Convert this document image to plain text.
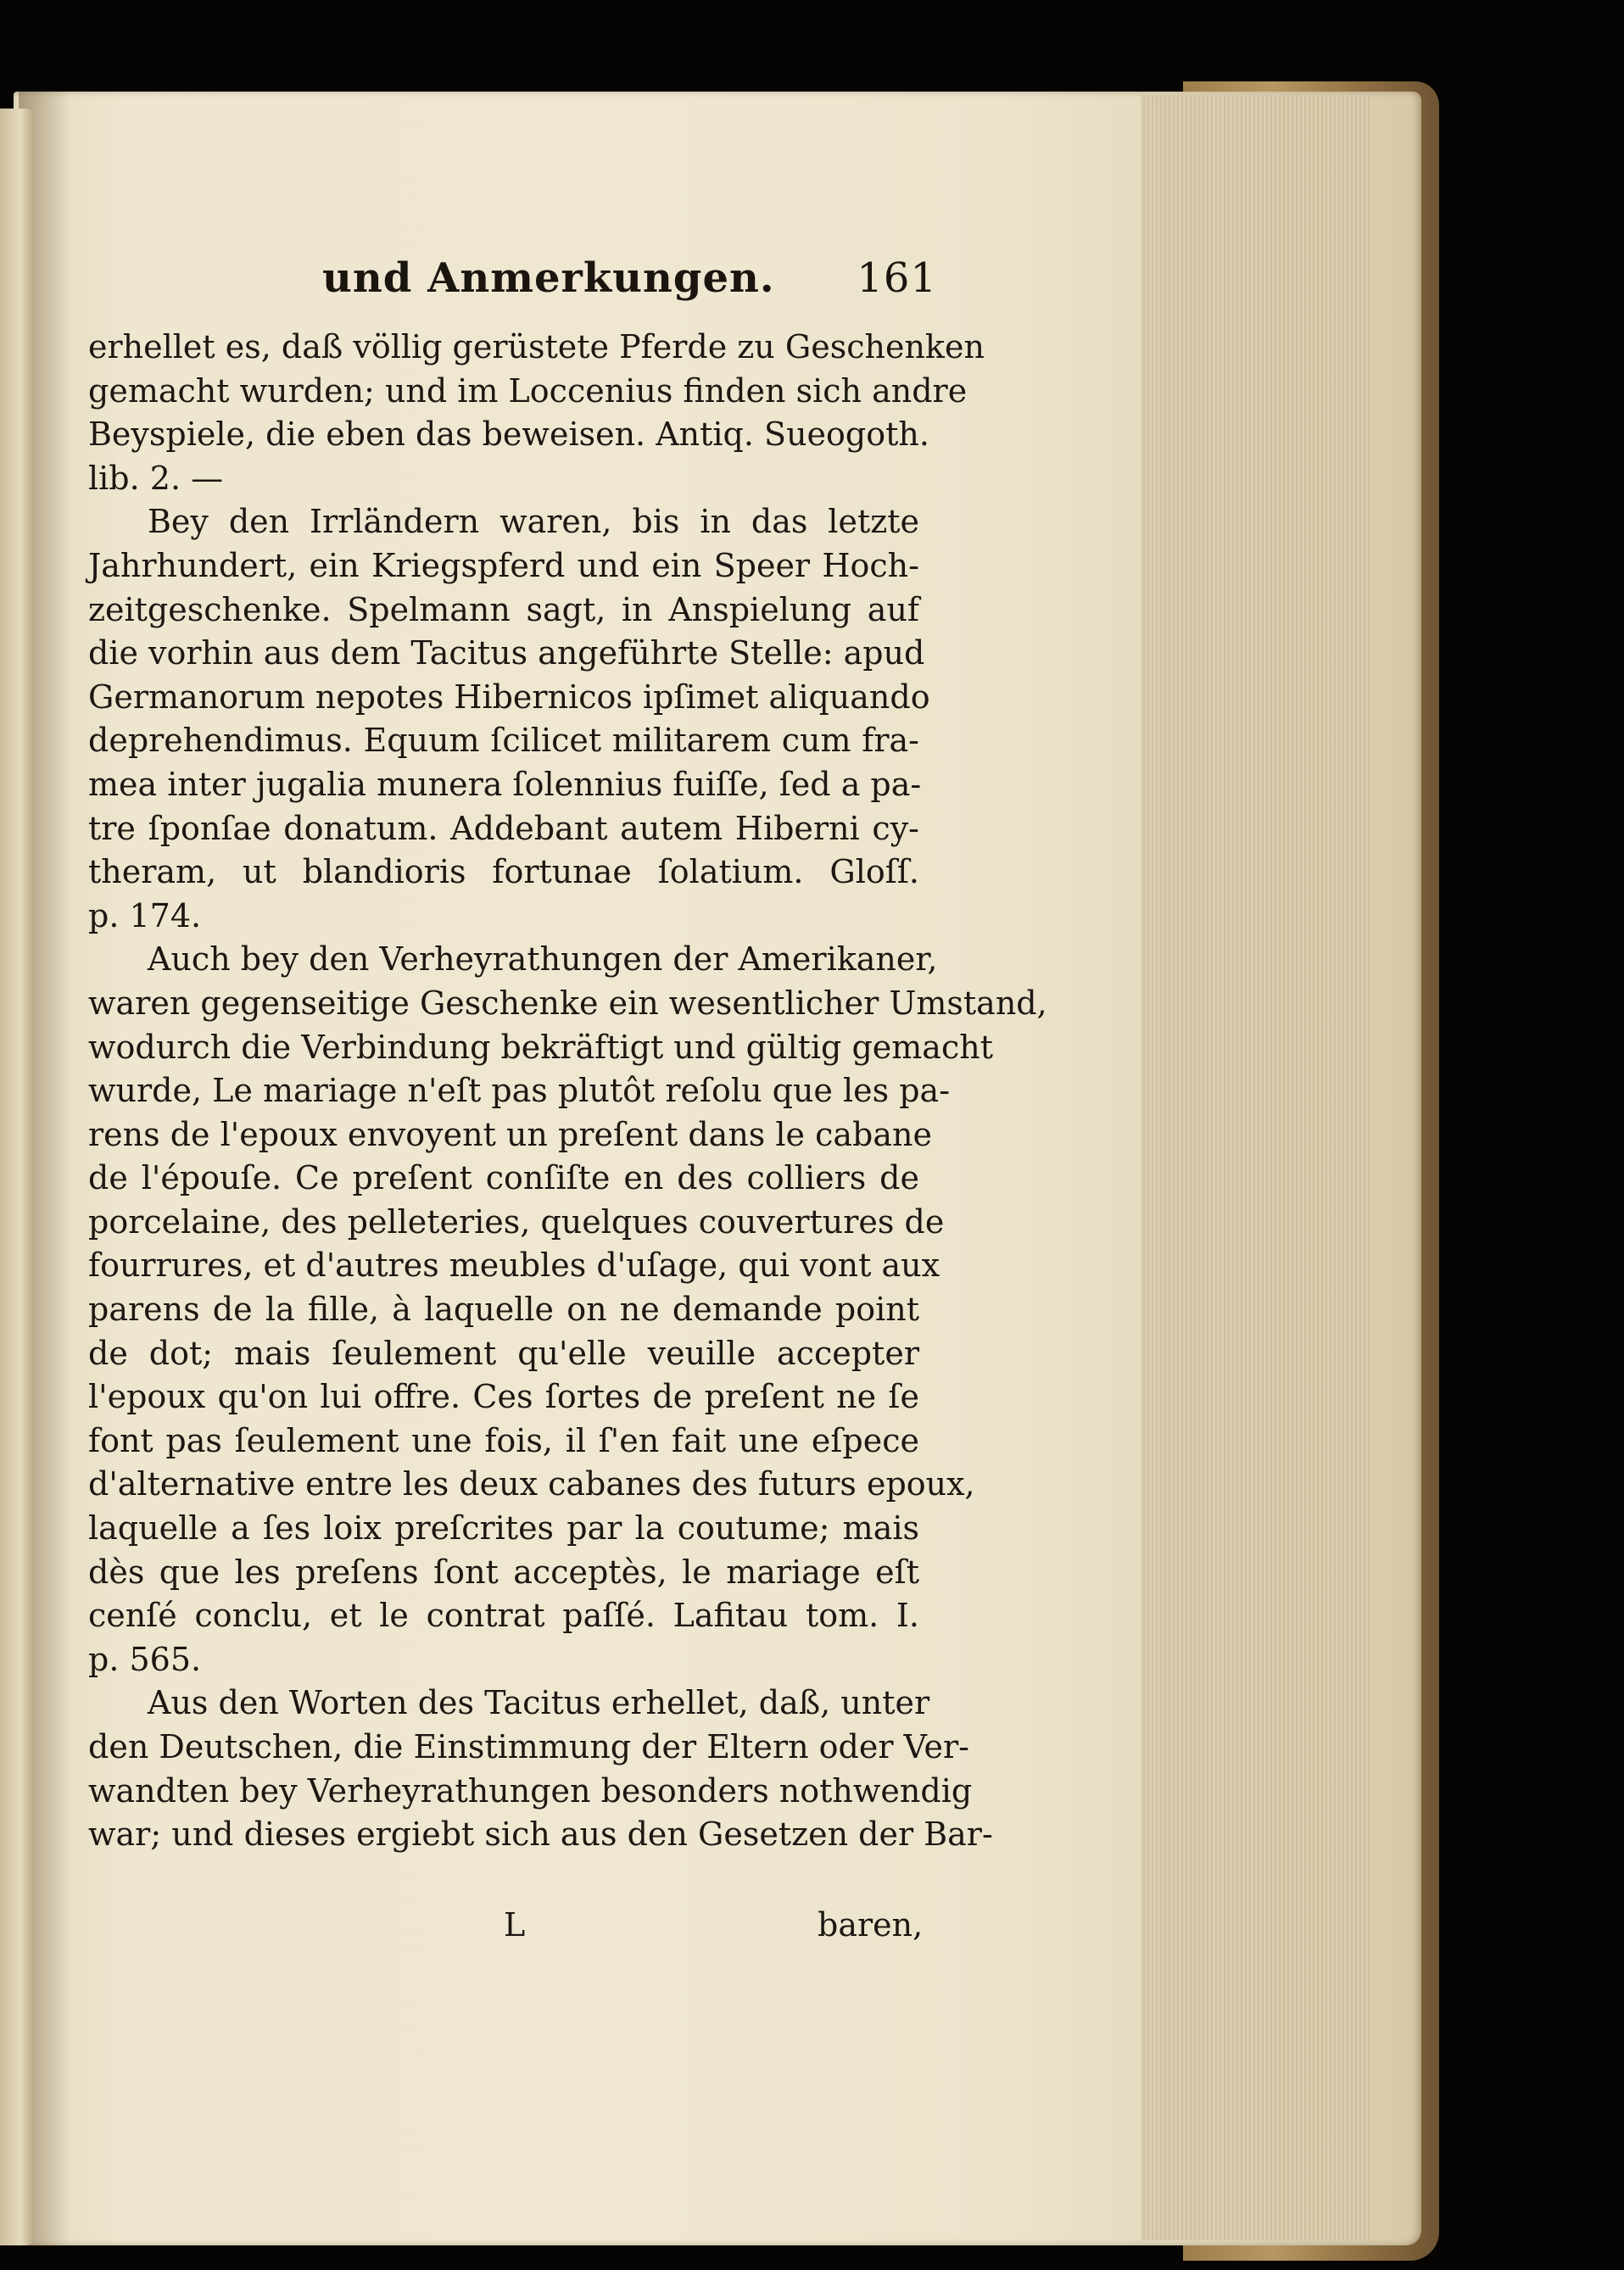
und Anmerkungen. 161
erhellet es, daß völlig gerüstete Pferde zu Geschenken
gemacht wurden; und im Loccenius finden sich andre
Beyspiele, die eben das beweisen. Antiq. Sueogoth.
lib. 2. —
Bey den Irrländern waren, bis in das letzte
Jahrhundert, ein Kriegspferd und ein Speer Hoch-
zeitgeschenke. Spelmann sagt, in Anspielung auf
die vorhin aus dem Tacitus angeführte Stelle: apud
Germanorum nepotes Hibernicos ipſimet aliquando
deprehendimus. Equum ſcilicet militarem cum fra-
mea inter jugalia munera ſolennius fuiſſe, ſed a pa-
tre ſponſae donatum. Addebant autem Hiberni cy-
theram, ut blandioris fortunae ſolatium. Gloſſ.
p. 174.
Auch bey den Verheyrathungen der Amerikaner,
waren gegenseitige Geschenke ein wesentlicher Umstand,
wodurch die Verbindung bekräftigt und gültig gemacht
wurde, Le mariage n'eſt pas plutôt reſolu que les pa-
rens de l'epoux envoyent un preſent dans le cabane
de l'épouſe. Ce preſent conſiſte en des colliers de
porcelaine, des pelleteries, quelques couvertures de
fourrures, et d'autres meubles d'uſage, qui vont aux
parens de la fille, à laquelle on ne demande point
de dot; mais ſeulement qu'elle veuille accepter
l'epoux qu'on lui offre. Ces ſortes de preſent ne ſe
font pas ſeulement une fois, il ſ'en fait une eſpece
d'alternative entre les deux cabanes des futurs epoux,
laquelle a ſes loix preſcrites par la coutume; mais
dès que les preſens ſont acceptès, le mariage eſt
cenſé conclu, et le contrat paſſé. Lafitau tom. I.
p. 565.
Aus den Worten des Tacitus erhellet, daß, unter
den Deutschen, die Einstimmung der Eltern oder Ver-
wandten bey Verheyrathungen besonders nothwendig
war; und dieses ergiebt sich aus den Gesetzen der Bar-
L	baren,
